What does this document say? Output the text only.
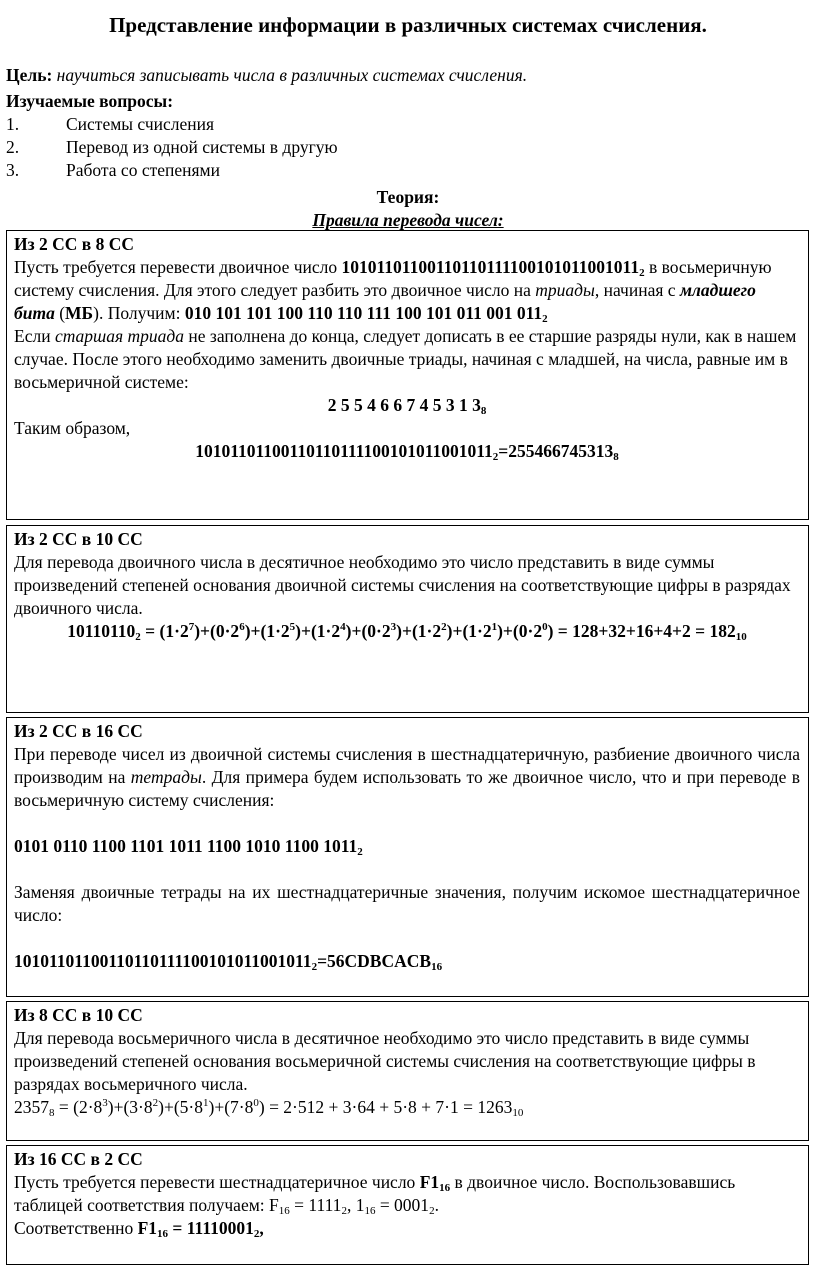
Представление информации в различных системах счисления.
Цель: научиться записывать числа в различных системах счисления.
Изучаемые вопросы:
1.	Системы счисления
2.	Перевод из одной системы в другую
3.	Работа со степенями
Теория:
Правила перевода чисел:

Из 2 СС в 8 СС

Пусть требуется перевести двоичное число $10101101100110110111100101011001011_2$ в восьмеричную систему счисления. Для этого следует разбить это двоичное число на триады, начиная с младшего бита (МБ). Получим: 010 101 101 100 110 110 111 100 101 011 001 $011_2$

Если старшая триада не заполнена до конца, следует дописать в ее старшие разряды нули, как в нашем случае. После этого необходимо заменить двоичные триады, начиная с младшей, на числа, равные им в восьмеричной системе:

2 5 5 4 6 6 7 4 5 3 1 $3_8$

Таким образом,

$10101101100110110111100101011001011_2=255466745313_8$

Из 2 СС в 10 СС

Для перевода двоичного числа в десятичное необходимо это число представить в виде суммы произведений степеней основания двоичной системы счисления на соответствующие цифры в разрядах двоичного числа.

$10110110_2 = (1\cdot 2^7)+(0\cdot 2^6)+(1\cdot 2^5)+(1\cdot 2^4)+(0\cdot 2^3)+(1\cdot 2^2)+(1\cdot 2^1)+(0\cdot 2^0) = 128+32+16+4+2 = 182_{10}$

Из 2 СС в 16 СС

При переводе чисел из двоичной системы счисления в шестнадцатеричную, разбиение двоичного числа производим на тетрады. Для примера будем использовать то же двоичное число, что и при переводе в восьмеричную систему счисления:

0101 0110 1100 1101 1011 1100 1010 1100 $1011_2$

Заменяя двоичные тетрады на их шестнадцатеричные значения, получим искомое шестнадцатеричное число:

$10101101100110110111100101011001011_2=56CDBCACB_{16}$

Из 8 СС в 10 СС

Для перевода восьмеричного числа в десятичное необходимо это число представить в виде суммы произведений степеней основания восьмеричной системы счисления на соответствующие цифры в разрядах восьмеричного числа.

$2357_8 = (2\cdot 8^3)+(3\cdot 8^2)+(5\cdot 8^1)+(7\cdot 8^0) = 2\cdot 512 + 3\cdot 64 + 5\cdot 8 + 7\cdot 1 = 1263_{10}$

Из 16 СС в 2 СС

Пусть требуется перевести шестнадцатеричное число $F1_{16}$ в двоичное число. Воспользовавшись таблицей соответствия получаем: $F_{16} = 1111_2$, $1_{16} = 0001_2$.

Соответственно $F1_{16} = 11110001_2$,
